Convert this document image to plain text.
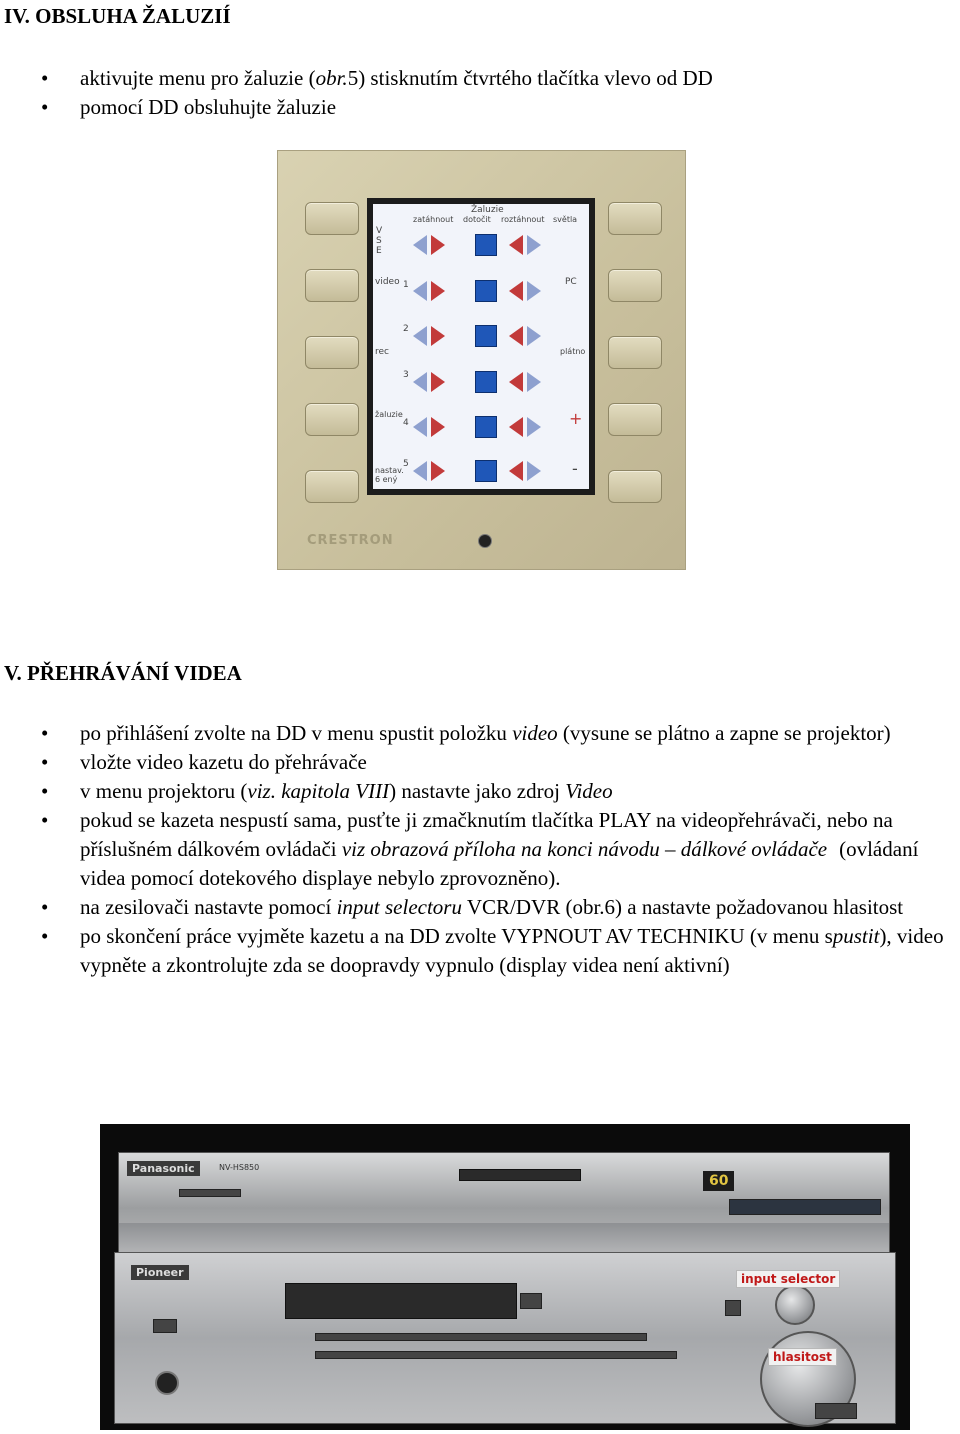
IV. OBSLUHA ŽALUZIÍ
• aktivujte menu pro žaluzie (obr.5) stisknutím čtvrtého tlačítka vlevo od DD
• pomocí DD obsluhujte žaluzie
Žaluzie
zatáhnout dotočit roztáhnout světla
V S E
video 1
2
rec
3
žaluzie
4
5
nastav. 6 ený
PC
plátno
+
-
CRESTRON
V. PŘEHRÁVÁNÍ VIDEA
• po přihlášení zvolte na DD v menu spustit položku video (vysune se plátno a zapne se projektor)
• vložte video kazetu do přehrávače
• v menu projektoru (viz. kapitola VIII) nastavte jako zdroj Video
• pokud se kazeta nespustí sama, pusťte ji zmačknutím tlačítka PLAY na videopřehrávači, nebo na příslušném dálkovém ovládači viz obrazová příloha na konci návodu – dálkové ovládače (ovládaní videa pomocí dotekového displaye nebylo zprovozněno).
• na zesilovači nastavte pomocí input selectoru VCR/DVR (obr.6) a nastavte požadovanou hlasitost
• po skončení práce vyjměte kazetu a na DD zvolte VYPNOUT AV TECHNIKU (v menu spustit), video vypněte a zkontrolujte zda se doopravdy vypnulo (display videa není aktivní)
Panasonic	NV-HS850
60
Pioneer	input selector
hlasitost
